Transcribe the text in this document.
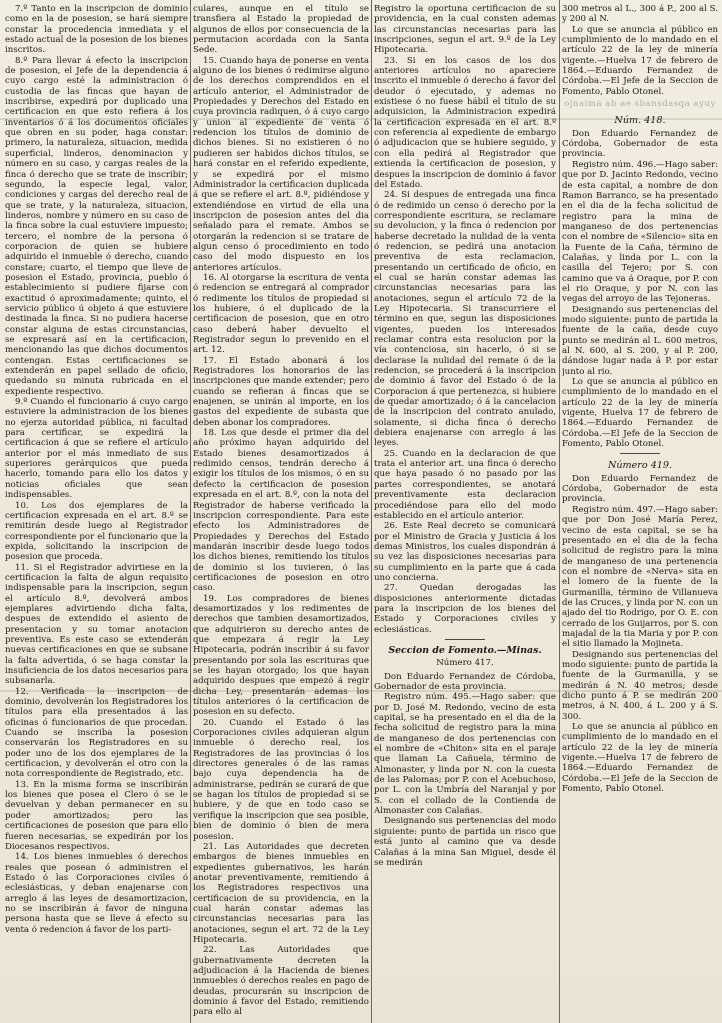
7.º Tanto en la inscripcion de dominio como en la de posesion, se hará siempre constar la procedencia inmediata y el estado actual de la posesion de los bienes inscritos.

8.º Para llevar á efecto la inscripcion de posesion, el Jefe de la dependencia á cuyo cargo esté la administracion ó custodia de las fincas que hayan de inscribirse, expedirá por duplicado una certificacion en que esto refiera á los inventarios ó á los documentos oficiales que obren en su poder, haga constar: primero, la naturaleza, situacion, medida superficial, linderos, denominacion y número en su caso, y cargas reales de la finca ó derecho que se trate de inscribir; segundo, la especie legal, valor, condiciones y cargas del derecho real de que se trate, y la naturaleza, situacion, linderos, nombre y número en su caso de la finca sobre la cual estuviere impuesto; tercero, el nombre de la persona ó corporacion de quien se hubiere adquirido el inmueble ó derecho, cuando constare; cuarto, el tiempo que lleve de posesion el Estado, provincia, pueblo ó establecimiento si pudiere fijarse con exactitud ó aproximadamente; quinto, el servicio público ú objeto á que estuviere destinada la finca. Si no pudiera hacerse constar alguna de estas circunstancias, se expresará así en la certificacion, mencionando las que dichos documentos contengan. Estas certificaciones se extenderán en papel sellado de oficio, quedando su minuta rubricada en el expediente respectivo.

9.º Cuando el funcionario á cuyo cargo estuviere la administracion de los bienes no ejerza autoridad pública, ni facultad para certificar, se expedirá la certificacion á que se refiere el artículo anterior por el más inmediato de sus superiores gerárquicos que pueda hacerlo, tomando para ello los datos y noticias oficiales que sean indispensables.

10. Los dos ejemplares de la certificacion expresada en el art. 8.º se remitirán desde luego al Registrador correspondiente por el funcionario que la expida, solicitando la inscripcion de posesion que proceda.

11. Si el Registrador advirtiese en la certificacion la falta de algun requisito indispensable para la inscripcion, segun el artículo 8.º, devolverá ambos ejemplares advirtiendo dicha falta, despues de extendido el asiento de presentacion y su tomar anotacion preventiva. Es este caso se extenderán nuevas certificaciones en que se subsane la falta advertida, ó se haga constar la insuficiencia de los datos necesarios para subsanarla.

12. Verificada la inscripcion de dominio, devolverán los Registradores los títulos para ella presentados á las oficinas ó funcionarios de que procedan. Cuando se inscriba la posesion conservarán los Registradores en su poder uno de los dos ejemplares de la certificacion, y devolverán el otro con la nota correspondiente de Registrado, etc.

13. En la misma forma se inscribirán los bienes que posea el Clero ó se le devuelvan y deban permanecer en su poder amortizados; pero las certificaciones de posesion que para ello fueren necesarias, se expedirán por los Diocesanos respectivos.

14. Los bienes inmuebles ó derechos reales que posean ó administren el Estado ó las Corporaciones civiles ó eclesiásticas, y deban enajenarse con arreglo á las leyes de desamortizacion, no se inscribirán á favor de ninguna persona hasta que se lleve á efecto su venta ó redencion á favor de los parti-

culares, aunque en el título se transfiera al Estado la propiedad de algunos de ellos por consecuencia de la permutacion acordada con la Santa Sede.

15. Cuando haya de ponerse en venta alguno de los bienes ó redimirse alguno de los derechos comprendidos en el artículo anterior, el Administrador de Propiedades y Derechos del Estado en cuya provincia radiquen, ó á cuyo cargo y union al expediente de venta ó redencion los títulos de dominio de dichos bienes. Si no existieren ó no pudieren ser habidos dichos títulos, se hará constar en el referido expediente, y se expedirá por el mismo Administrador la certificacion duplicada á que se refiere el art. 8.º, pidiéndose y extendiéndose en virtud de ella una inscripcion de posesion antes del dia señalado para el remate. Ambos se otorgarán la redencion si se tratare de algun censo ó procedimiento en todo caso del modo dispuesto en los anteriores artículos.

16. Al otorgarse la escritura de venta ó redencion se entregará al comprador ó redimente los títulos de propiedad si los hubiere, ó el duplicado de la certificacion de posesion, que en otro caso deberá haber devuelto el Registrador segun lo prevenido en el art. 12.

17. El Estado abonará á los Registradores los honorarios de las inscripciones que mande extender; pero cuando se refieran á fincas que se enajenen, se unirán al importe, en los gastos del expediente de subasta que deben abonar los compradores.

18. Los que desde el primer dia del año próximo hayan adquirido del Estado bienes desamortizados á redimido censos, tendrán derecho á exigir los títulos de los mismos, ó en su defecto la certificacion de posesion expresada en el art. 8.º, con la nota del Registrador de haberse verificado la inscripcion correspondiente. Para este efecto los Administradores de Propiedades y Derechos del Estado mandarán inscribir desde luego todos los dichos bienes, remitiendo los títulos de dominio si los tuvieren, ó las certificaciones de posesion en otro caso.

19. Los compradores de bienes desamortizados y los redimentes de derechos que tambien desamortizados, que adquirieron su derecho antes de que empezara á regir la Ley Hipotecaria, podrán inscribir á su favor presentando por sola las escrituras que se les hayan otorgado; los que hayan adquirido despues que empezó á regir dicha Ley, presentarán ademas los títulos anteriores ó la certificacion de posesion en su defecto.

20. Cuando el Estado ó las Corporaciones civiles adquieran algun inmueble ó derecho real, los Registradores de las provincias ó los directores generales ó de las ramas bajo cuya dependencia ha de administrarse, pedirán se curará de que se hagan los títulos de propiedad si se hubiere, y de que en todo caso se verifique la inscripcion que sea posible, bien de dominio ó bien de mera posesion.

21. Las Autoridades que decreten embargos de bienes inmuebles en expedientes gubernativos, les harán anotar preventivamente, remitiendo á los Registradores respectivos una certificacion de su providencia, en la cual harán constar ademas las circunstancias necesarias para las anotaciones, segun el art. 72 de la Ley Hipotecaria.

22. Las Autoridades que gubernativamente decreten la adjudicacion á la Hacienda de bienes inmuebles ó derechos reales en pago de deudas, procurarán su inscripcion de dominio á favor del Estado, remitiendo para ello al

Registro la oportuna certificacion de su providencia, en la cual consten ademas las circunstancias necesarias para las inscripciones, segun el art. 9.º de la Ley Hipotecaria.

23. Si en los casos de los dos anteriores artículos no apareciere inscrito el inmueble ó derecho á favor del deudor ó ejecutado, y ademas no existiese ó no fuese hábil el título de su adquisicion, la Administracion expedirá la certificacion expresada en el art. 8.º con referencia al expediente de embargo ó adjudicacion que se hubiere seguido, y con ella pedirá al Registrador que extienda la certificacion de posesion, y despues la inscripcion de dominio á favor del Estado.

24. Si despues de entregada una finca ó de redimido un censo ó derecho por la correspondiente escritura, se reclamare su devolucion, y la finca ó redencion por haberse decretado la nulidad de la venta ó redencion, se pedirá una anotacion preventiva de esta reclamacion, presentando un certificado de oficio, en el cual se harán constar ademas las circunstancias necesarias para las anotaciones, segun el artículo 72 de la Ley Hipotecaria. Si transcurriere el término en que, segun las disposiciones vigentes, pueden los interesados reclamar contra esta resolucion por la vía contenciosa, sin hacerlo, ó si se declarase la nulidad del remate ó de la redencion, se procederá á la inscripcion de dominio á favor del Estado ó de la Corporacion á que pertenezca, si hubiere de quedar amortizado; ó á la cancelacion de la inscripcion del contrato anulado, solamente, si dicha finca ó derecho debiera enajenarse con arreglo á las leyes.

25. Cuando en la declaracion de que trata el anterior art. una finca ó derecho que haya pasado ó no pasado por las partes correspondientes, se anotará preventivamente esta declaracion procediéndose para ello del modo establecido en el artículo anterior.

26. Este Real decreto se comunicará por el Ministro de Gracia y Justicia á los demas Ministros, los cuales dispondrán á su vez las disposiciones necesarias para su cumplimiento en la parte que á cada uno concierna.

27. Quedan derogadas las disposiciones anteriormente dictadas para la inscripcion de los bienes del Estado y Corporaciones civiles y eclesiásticas.

Seccion de Fomento.—Minas.
Número 417.

Don Eduardo Fernandez de Córdoba, Gobernador de esta provincia.

Registro núm. 495.—Hago saber: que por D. José M. Redondo, vecino de esta capital, se ha presentado en el dia de la fecha solicitud de registro para la mina de manganeso de dos pertenencias con el nombre de «Chiton» sita en el paraje que llaman La Cañuela, término de Almonaster, y linda por N. con la cuesta de las Palomas; por P. con el Acebuchoso, por L. con la Umbría del Naranjal y por S. con el collado de la Contienda de Almonaster con Calañas.

Designando sus pertenencias del modo siguiente: punto de partida un risco que está junto al camino que va desde Calañas á la mina San Miguel, desde él se medirán

300 metros al L., 300 á P., 200 al S. y 200 al N.

Lo que se anuncia al público en cumplimiento de lo mandado en el artículo 22 de la ley de minería vigente.—Huelva 17 de febrero de 1864.—Eduardo Fernandez de Córdoba.—El Jefe de la Seccion de Fomento, Pablo Otonel.

ojnaima ab ae sbansdasqa ayuy
Núm. 418.

Don Eduardo Fernandez de Córdoba, Gobernador de esta provincia.

Registro núm. 496.—Hago saber: que por D. Jacinto Redondo, vecino de esta capital, a nombre de don Ramon Barranco, se ha presentado en el dia de la fecha solicitud de registro para la mina de manganeso de dos pertenencias con el nombre de «Silencio» sita en la Fuente de la Caña, término de Calañas, y linda por L. con la casilla del Tejero; por S. con camino que va á Oraque, por P. con el rio Oraque, y por N. con las vegas del arroyo de las Tejoneras.

Designando sus pertenencias del modo siguiente: punto de partida la fuente de la caña, desde cuyo punto se medirán al L. 600 metros, al N. 600, al S. 200, y al P. 200, dándose lugar nada á P. por estar junto al rio.

Lo que se anuncia al público en cumplimiento de lo mandado en el artículo 22 de la ley de minería vigente, Huelva 17 de febrero de 1864.—Eduardo Fernandez de Córdoba.—El Jefe de la Seccion de Fomento, Pablo Otonel.

Número 419.

Don Eduardo Fernandez de Córdoba, Gobernador de esta provincia.

Registro núm. 497.—Hago saber: que por Don José María Perez, vecino de esta capital, se se ha presentado en el dia de la fecha solicitud de registro para la mina de manganeso de una pertenencia con el nombre de «Nerva» sita en el lomero de la fuente de la Gurmanilla, término de Villanueva de las Cruces, y linda por N. con un ajado del tio Rodrigo, por O. E. con cerrado de los Guijarros, por S. con majadal de la tia Maria y por P. con el sitio llamado la Mojineta.

Designando sus pertenencias del modo siguiente: punto de partida la fuente de la Gurmanilla, y se medirán á N. 40 metros; desde dicho punto á P. se medirán 200 metros, á N. 400, á L. 200 y á S. 300.

Lo que se anuncia al público en cumplimiento de lo mandado en el artículo 22 de la ley de minería vigente.—Huelva 17 de febrero de 1864.—Eduardo Fernandez de Córdoba.—El Jefe de la Seccion de Fomento, Pablo Otonel.
